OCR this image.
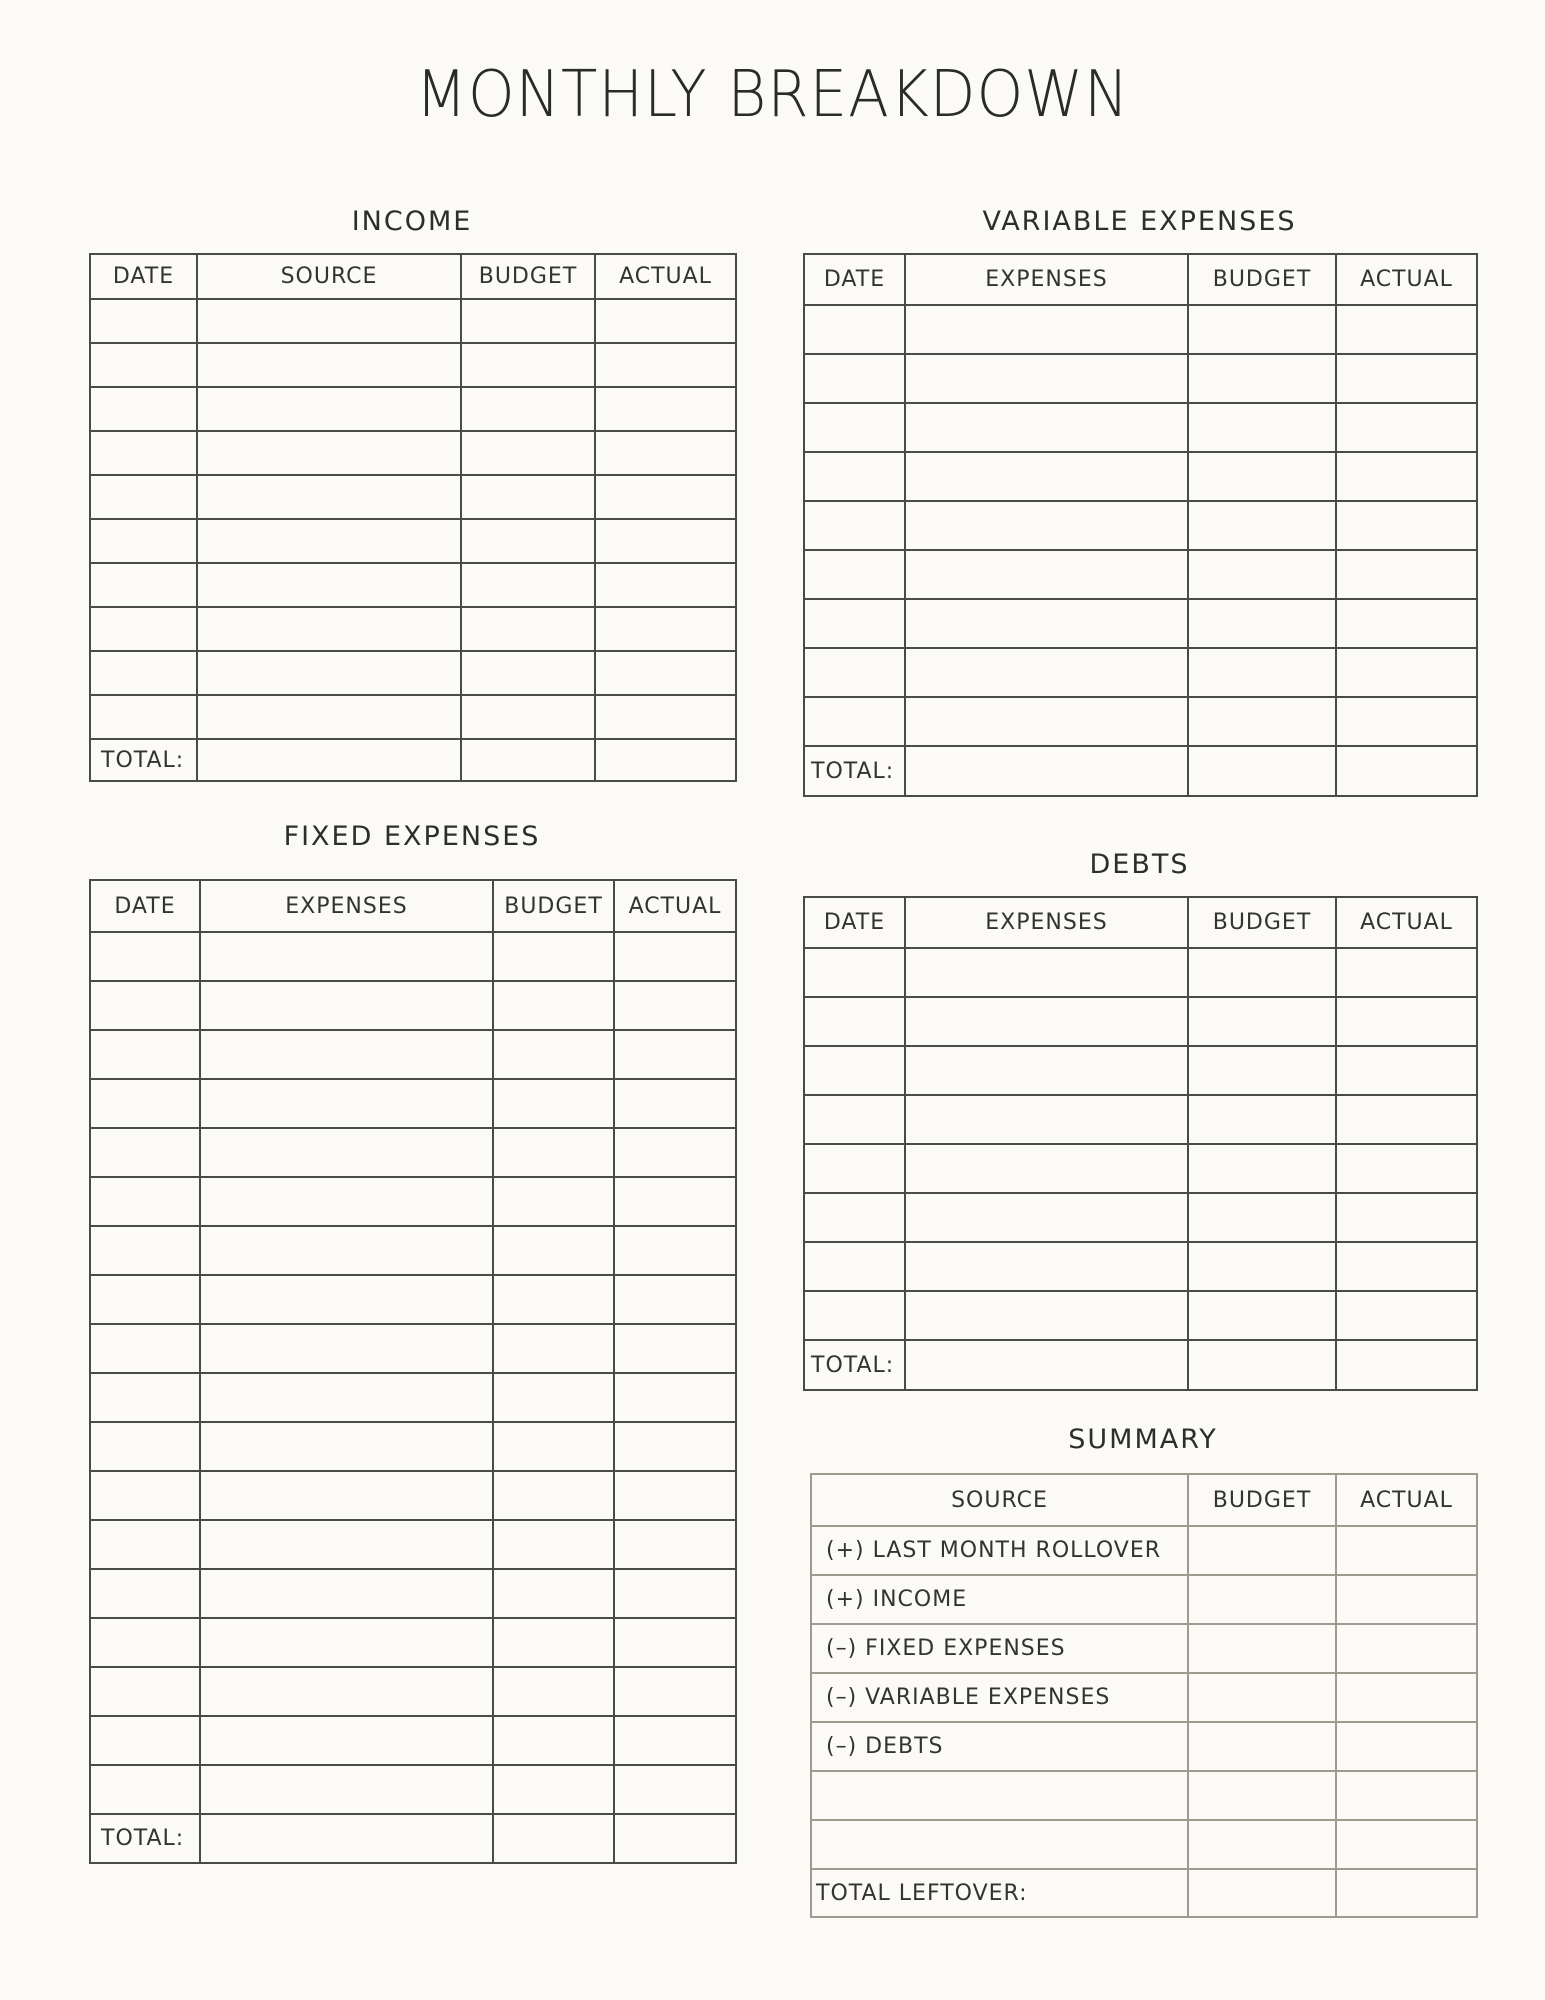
MONTHLY BREAKDOWN
INCOME
DATE	SOURCE	BUDGET	ACTUAL

TOTAL:			
VARIABLE EXPENSES
DATE	EXPENSES	BUDGET	ACTUAL

TOTAL:			
FIXED EXPENSES
DATE	EXPENSES	BUDGET	ACTUAL

TOTAL:			
DEBTS
DATE	EXPENSES	BUDGET	ACTUAL

TOTAL:			
SUMMARY
SOURCE	BUDGET	ACTUAL
(+) LAST MONTH ROLLOVER		
(+) INCOME		
(–) FIXED EXPENSES		
(–) VARIABLE EXPENSES		
(–) DEBTS		

TOTAL LEFTOVER:		
